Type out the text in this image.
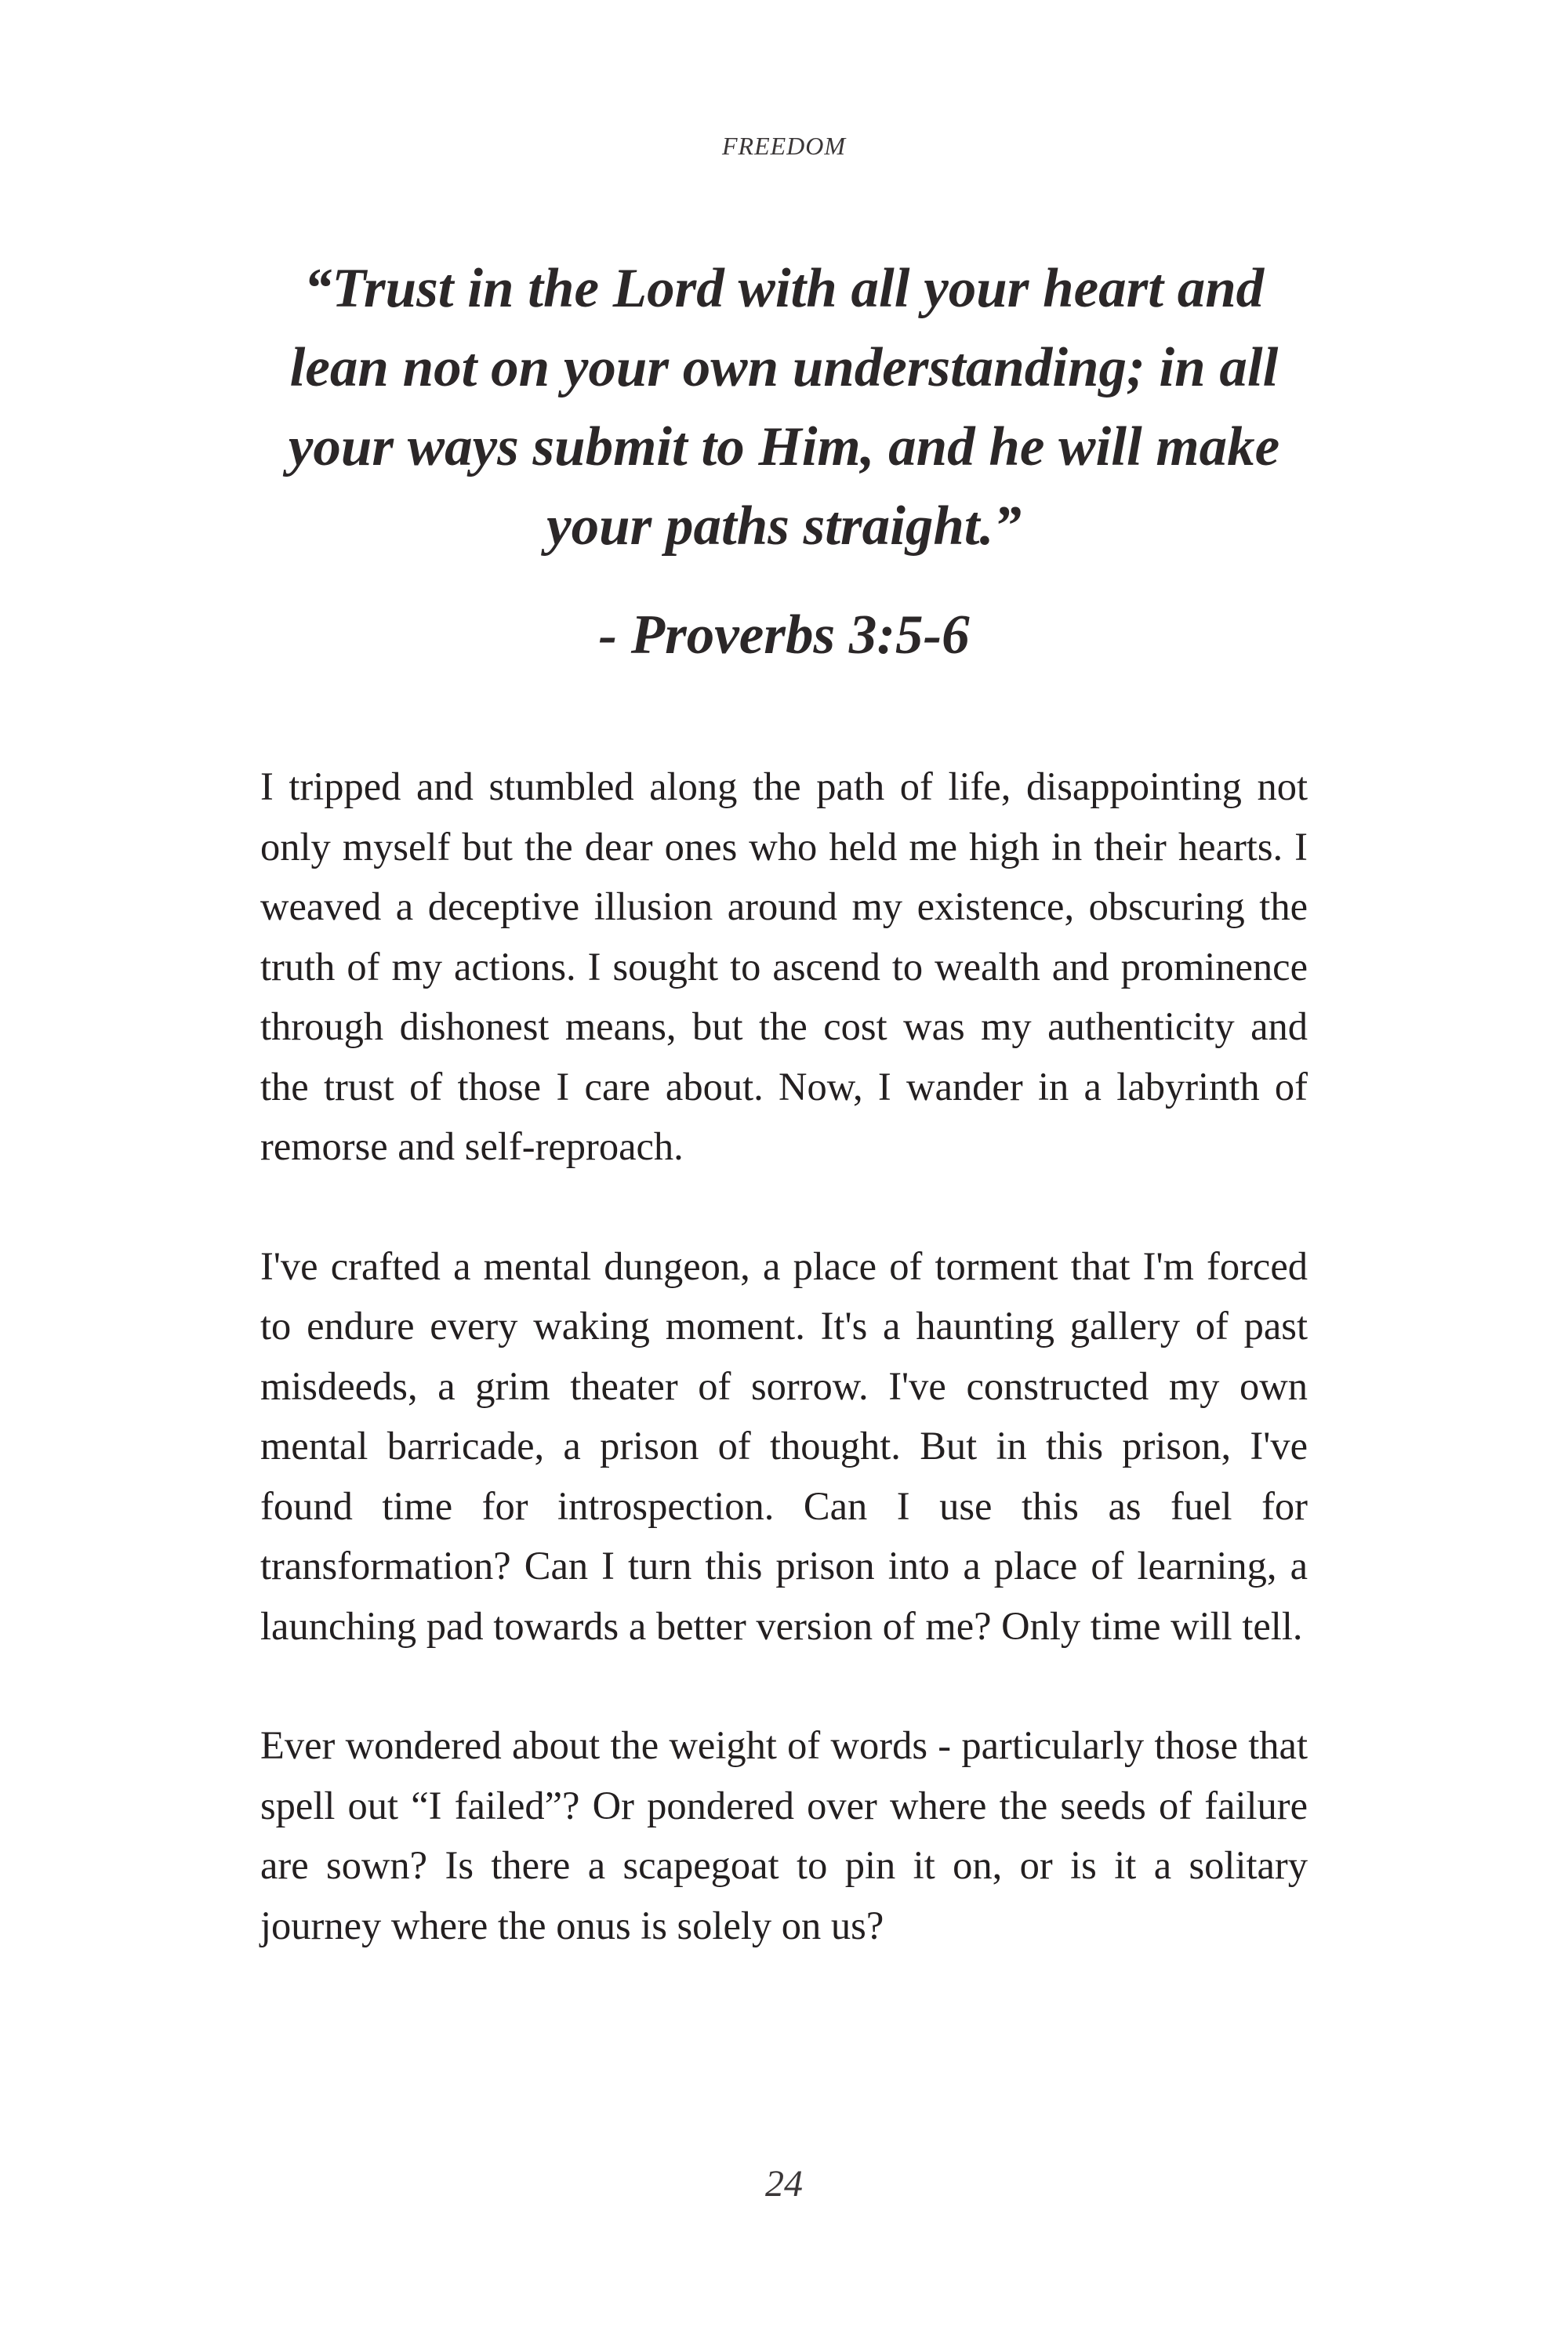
FREEDOM
“Trust in the Lord with all your heart and lean not on your own understanding; in all your ways submit to Him, and he will make your paths straight.”
- Proverbs 3:5-6

I tripped and stumbled along the path of life, disappointing not only myself but the dear ones who held me high in their hearts. I weaved a deceptive illusion around my existence, obscuring the truth of my actions. I sought to ascend to wealth and prominence through dishonest means, but the cost was my authenticity and the trust of those I care about. Now, I wander in a labyrinth of remorse and self-reproach.

I've crafted a mental dungeon, a place of torment that I'm forced to endure every waking moment. It's a haunting gallery of past misdeeds, a grim theater of sorrow. I've constructed my own mental barricade, a prison of thought. But in this prison, I've found time for introspection. Can I use this as fuel for transformation? Can I turn this prison into a place of learning, a launching pad towards a better version of me? Only time will tell.

Ever wondered about the weight of words - particularly those that spell out “I failed”? Or pondered over where the seeds of failure are sown? Is there a scapegoat to pin it on, or is it a solitary journey where the onus is solely on us?

24
